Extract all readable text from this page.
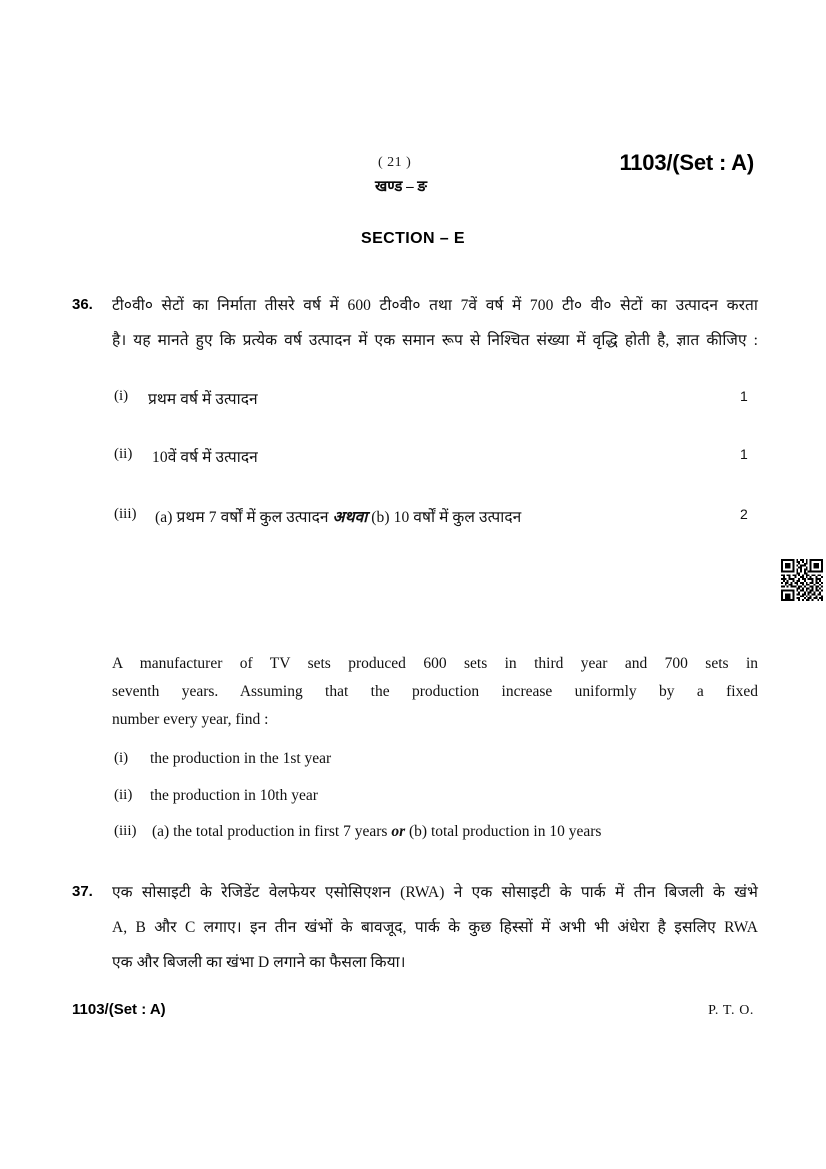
( 21 )
खण्ड – ङ
1103/(Set : A)
SECTION – E
36. टी०वी० सेटों का निर्माता तीसरे वर्ष में 600 टी०वी० तथा 7वें वर्ष में 700 टी० वी० सेटों का उत्पादन करता
है। यह मानते हुए कि प्रत्येक वर्ष उत्पादन में एक समान रूप से निश्चित संख्या में वृद्धि होती है, ज्ञात कीजिए :
(i) प्रथम वर्ष में उत्पादन	1
(ii) 10वें वर्ष में उत्पादन	1
(iii) (a) प्रथम 7 वर्षों में कुल उत्पादन अथवा (b) 10 वर्षों में कुल उत्पादन	2
A manufacturer of TV sets produced 600 sets in third year and 700 sets in
seventh years. Assuming that the production increase uniformly by a fixed
number every year, find :
(i) the production in the 1st year
(ii) the production in 10th year
(iii) (a) the total production in first 7 years or (b) total production in 10 years
37. एक सोसाइटी के रेजिडेंट वेलफेयर एसोसिएशन (RWA) ने एक सोसाइटी के पार्क में तीन बिजली के खंभे
A, B और C लगाए। इन तीन खंभों के बावजूद, पार्क के कुछ हिस्सों में अभी भी अंधेरा है इसलिए RWA
एक और बिजली का खंभा D लगाने का फैसला किया।
1103/(Set : A)	P. T. O.
